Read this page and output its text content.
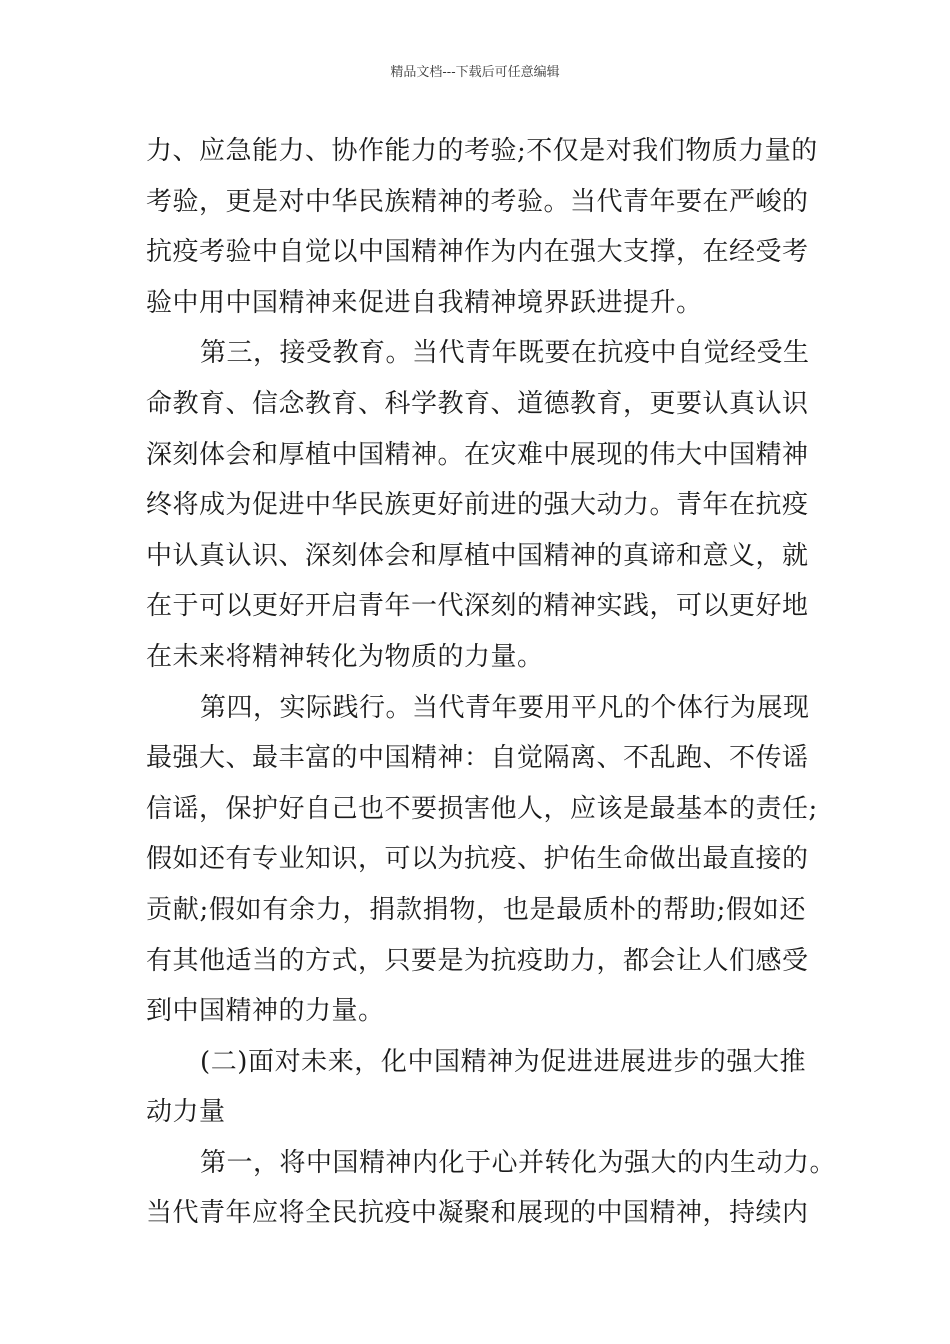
精品文档---下载后可任意编辑
力、应急能力、协作能力的考验;不仅是对我们物质力量的
考验，更是对中华民族精神的考验。当代青年要在严峻的
抗疫考验中自觉以中国精神作为内在强大支撑，在经受考
验中用中国精神来促进自我精神境界跃进提升。
第三，接受教育。当代青年既要在抗疫中自觉经受生
命教育、信念教育、科学教育、道德教育，更要认真认识
深刻体会和厚植中国精神。在灾难中展现的伟大中国精神
终将成为促进中华民族更好前进的强大动力。青年在抗疫
中认真认识、深刻体会和厚植中国精神的真谛和意义，就
在于可以更好开启青年一代深刻的精神实践，可以更好地
在未来将精神转化为物质的力量。
第四，实际践行。当代青年要用平凡的个体行为展现
最强大、最丰富的中国精神：自觉隔离、不乱跑、不传谣
信谣，保护好自己也不要损害他人，应该是最基本的责任;
假如还有专业知识，可以为抗疫、护佑生命做出最直接的
贡献;假如有余力，捐款捐物，也是最质朴的帮助;假如还
有其他适当的方式，只要是为抗疫助力，都会让人们感受
到中国精神的力量。
(二)面对未来，化中国精神为促进进展进步的强大推
动力量
第一，将中国精神内化于心并转化为强大的内生动力。
当代青年应将全民抗疫中凝聚和展现的中国精神，持续内
